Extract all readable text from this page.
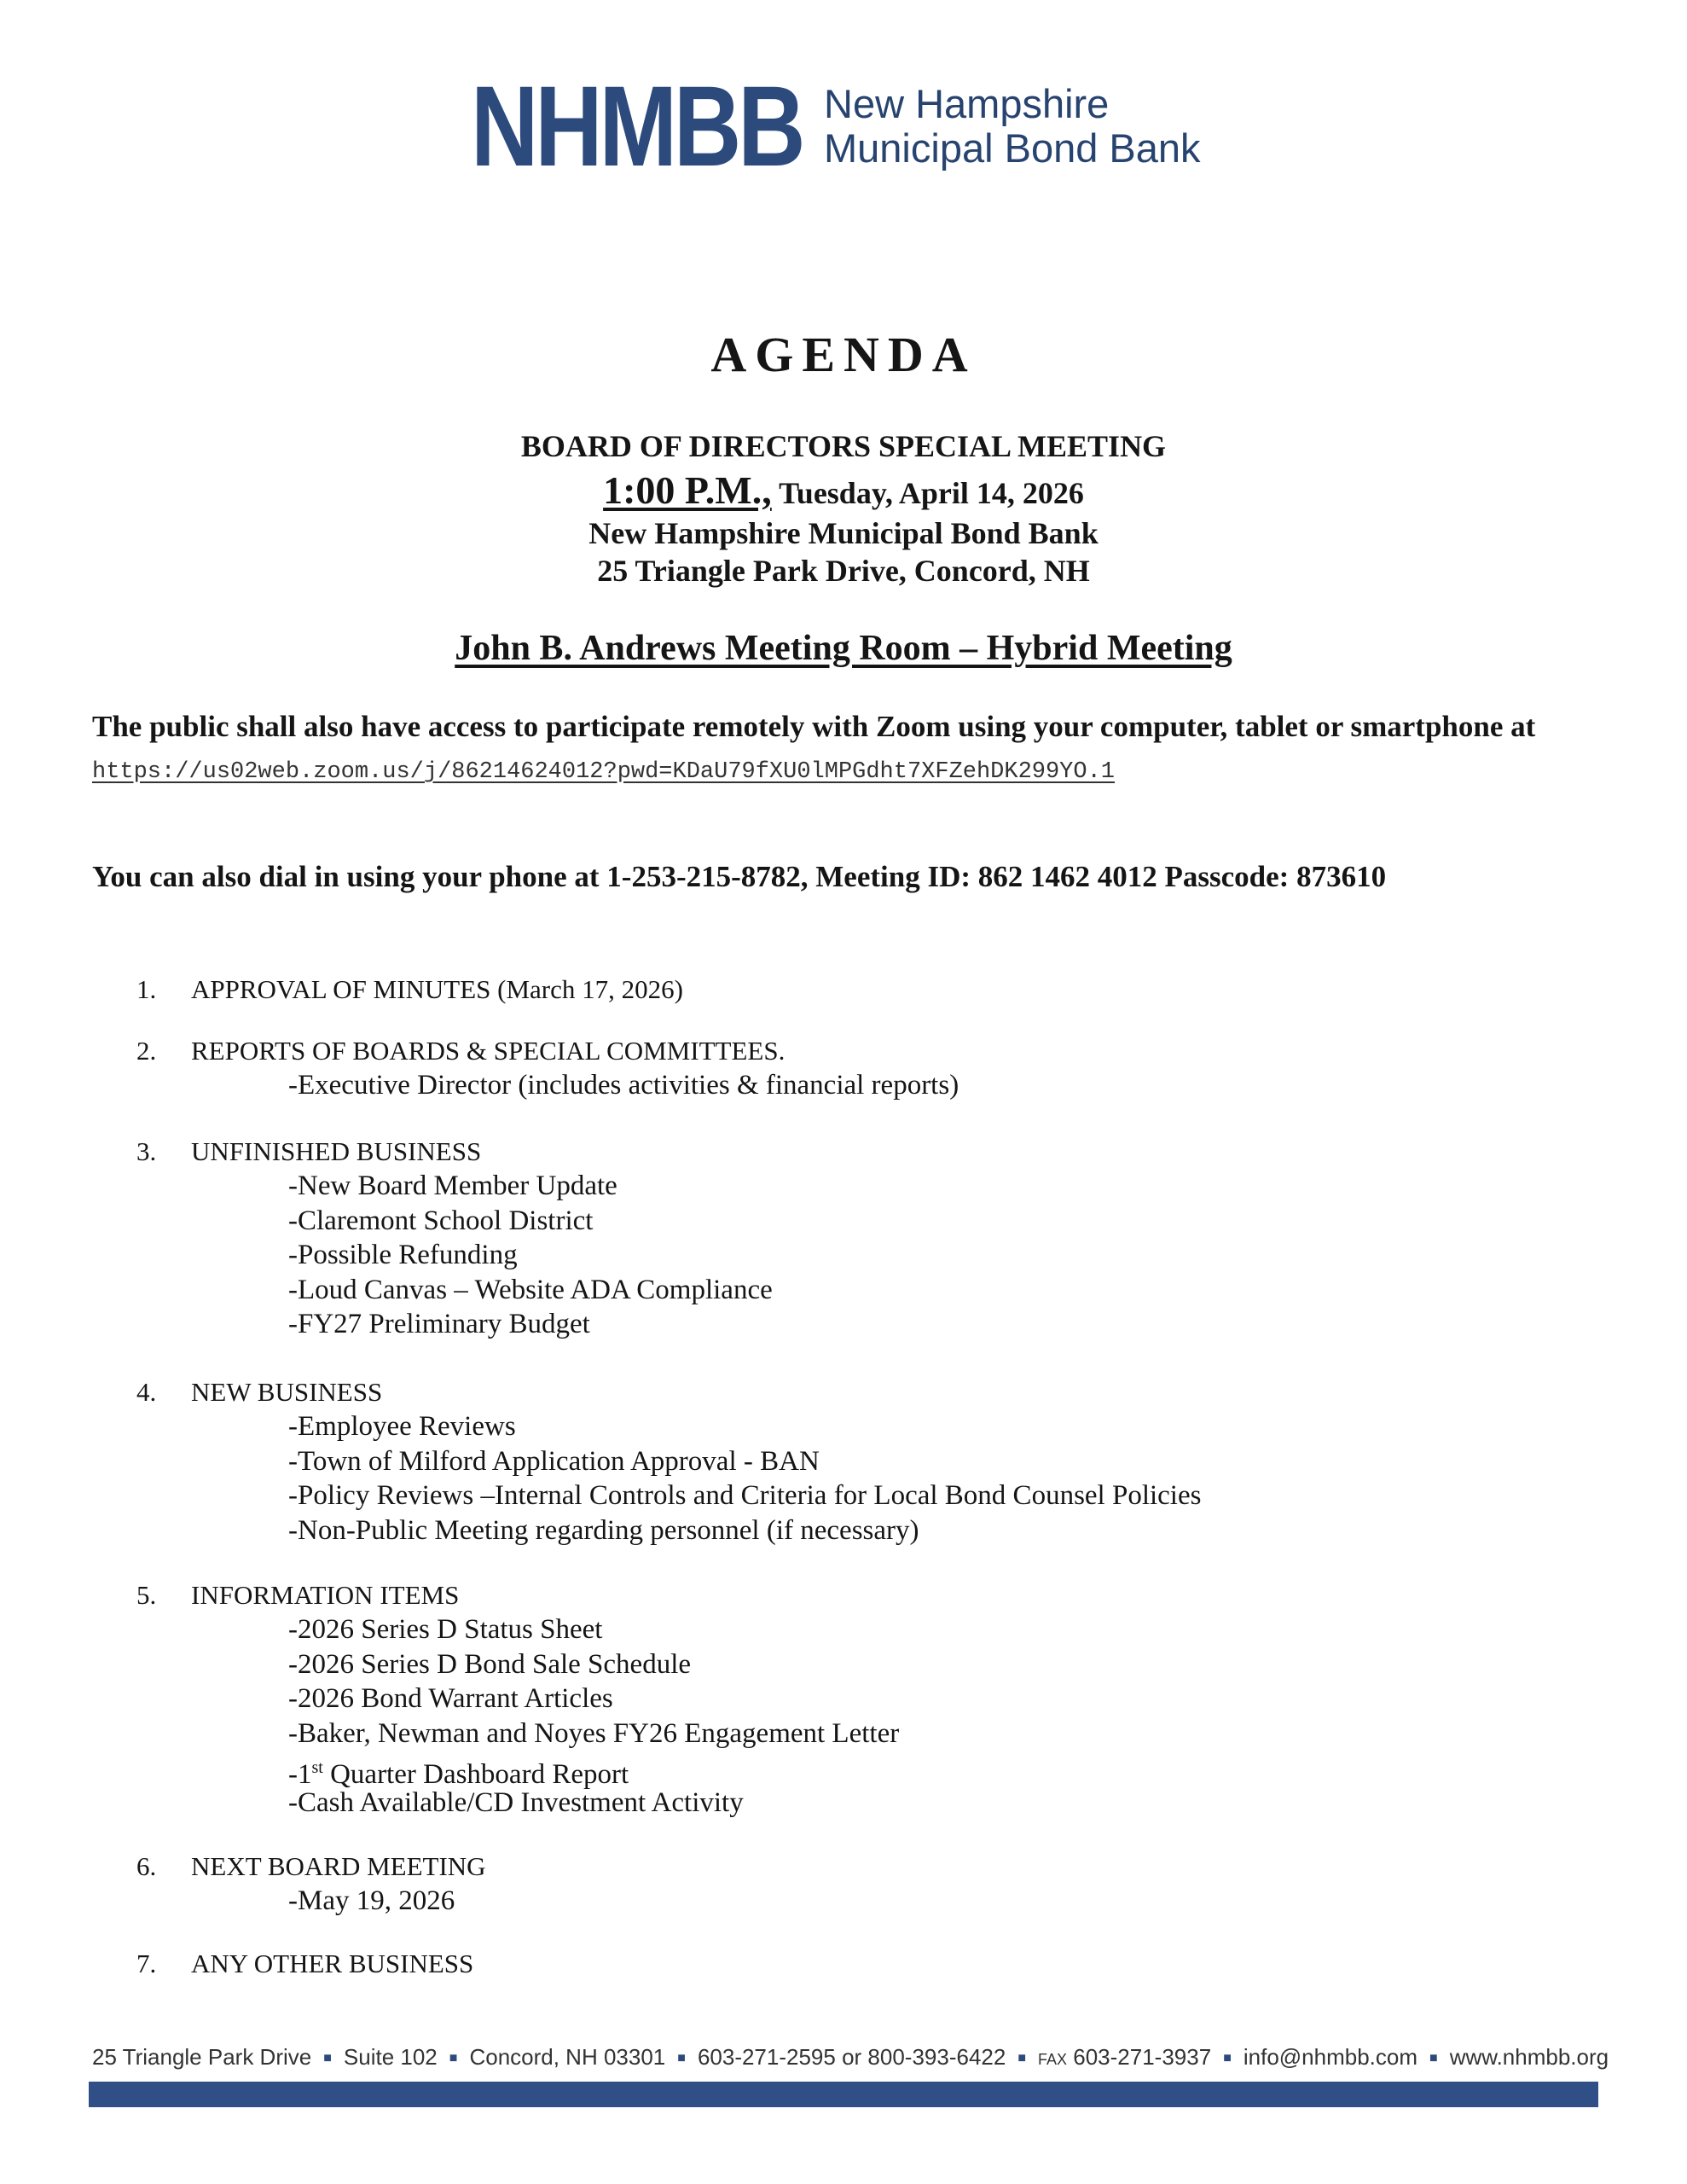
NHMBB New Hampshire
Municipal Bond Bank
AGENDA
BOARD OF DIRECTORS SPECIAL MEETING
1:00 P.M., Tuesday, April 14, 2026
New Hampshire Municipal Bond Bank
25 Triangle Park Drive, Concord, NH
John B. Andrews Meeting Room – Hybrid Meeting
The public shall also have access to participate remotely with Zoom using your computer, tablet or smartphone at https://us02web.zoom.us/j/86214624012?pwd=KDaU79fXU0lMPGdht7XFZehDK299YO.1
You can also dial in using your phone at 1-253-215-8782, Meeting ID: 862 1462 4012 Passcode: 873610
1. APPROVAL OF MINUTES (March 17, 2026)
2. REPORTS OF BOARDS & SPECIAL COMMITTEES.
-Executive Director (includes activities & financial reports)
3. UNFINISHED BUSINESS
-New Board Member Update
-Claremont School District
-Possible Refunding
-Loud Canvas – Website ADA Compliance
-FY27 Preliminary Budget
4. NEW BUSINESS
-Employee Reviews
-Town of Milford Application Approval - BAN
-Policy Reviews –Internal Controls and Criteria for Local Bond Counsel Policies
-Non-Public Meeting regarding personnel (if necessary)
5. INFORMATION ITEMS
-2026 Series D Status Sheet
-2026 Series D Bond Sale Schedule
-2026 Bond Warrant Articles
-Baker, Newman and Noyes FY26 Engagement Letter
-1st Quarter Dashboard Report
-Cash Available/CD Investment Activity
6. NEXT BOARD MEETING
-May 19, 2026
7. ANY OTHER BUSINESS
25 Triangle Park Drive ■ Suite 102 ■ Concord, NH 03301 ■ 603-271-2595 or 800-393-6422 ■ FAX 603-271-3937 ■ info@nhmbb.com ■ www.nhmbb.org
